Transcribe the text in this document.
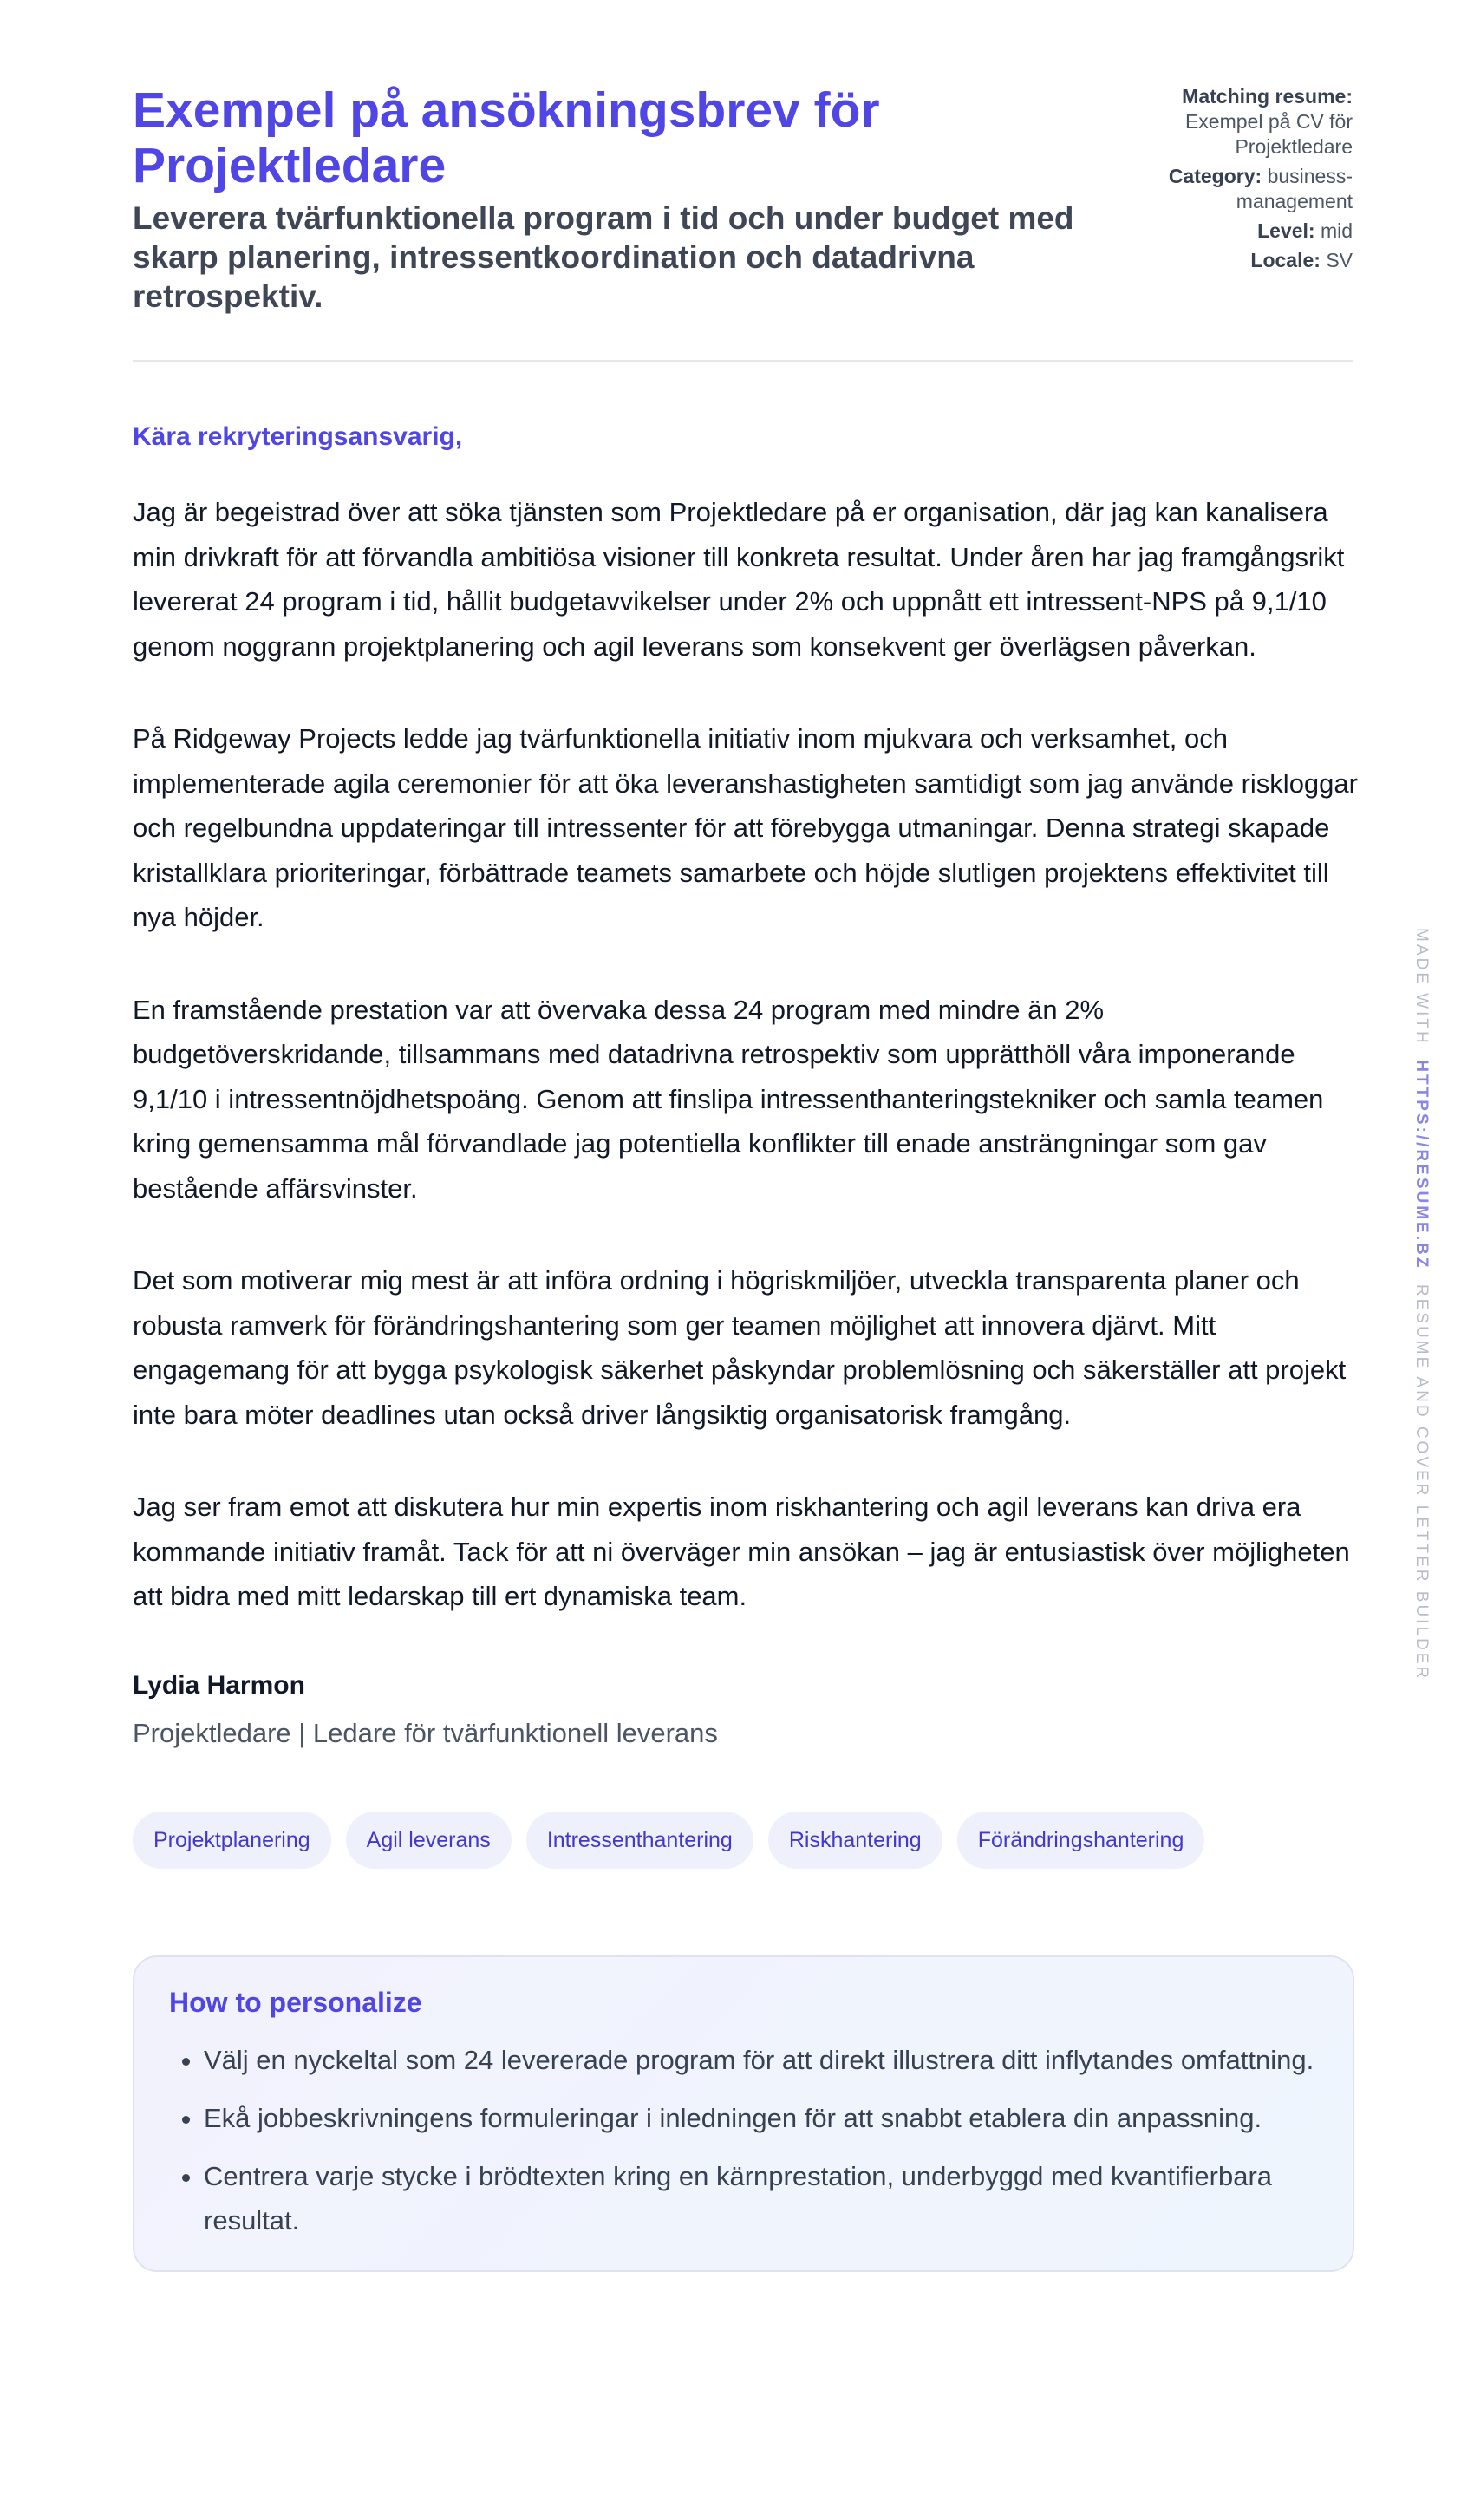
Exempel på ansökningsbrev för Projektledare
Leverera tvärfunktionella program i tid och under budget med skarp planering, intressentkoordination och datadrivna retrospektiv.
Matching resume:
Exempel på CV för Projektledare
Category: business-management
Level: mid
Locale: SV
Kära rekryteringsansvarig,

Jag är begeistrad över att söka tjänsten som Projektledare på er organisation, där jag kan kanalisera min drivkraft för att förvandla ambitiösa visioner till konkreta resultat. Under åren har jag framgångsrikt levererat 24 program i tid, hållit budgetavvikelser under 2% och uppnått ett intressent-NPS på 9,1/10 genom noggrann projektplanering och agil leverans som konsekvent ger överlägsen påverkan.

På Ridgeway Projects ledde jag tvärfunktionella initiativ inom mjukvara och verksamhet, och implementerade agila ceremonier för att öka leveranshastigheten samtidigt som jag använde riskloggar och regelbundna uppdateringar till intressenter för att förebygga utmaningar. Denna strategi skapade kristallklara prioriteringar, förbättrade teamets samarbete och höjde slutligen projektens effektivitet till nya höjder.

En framstående prestation var att övervaka dessa 24 program med mindre än 2% budgetöverskridande, tillsammans med datadrivna retrospektiv som upprätthöll våra imponerande 9,1/10 i intressentnöjdhetspoäng. Genom att finslipa intressenthanteringstekniker och samla teamen kring gemensamma mål förvandlade jag potentiella konflikter till enade ansträngningar som gav bestående affärsvinster.

Det som motiverar mig mest är att införa ordning i högriskmiljöer, utveckla transparenta planer och robusta ramverk för förändringshantering som ger teamen möjlighet att innovera djärvt. Mitt engagemang för att bygga psykologisk säkerhet påskyndar problemlösning och säkerställer att projekt inte bara möter deadlines utan också driver långsiktig organisatorisk framgång.

Jag ser fram emot att diskutera hur min expertis inom riskhantering och agil leverans kan driva era kommande initiativ framåt. Tack för att ni överväger min ansökan – jag är entusiastisk över möjligheten att bidra med mitt ledarskap till ert dynamiska team.

Lydia Harmon
Projektledare | Ledare för tvärfunktionell leverans
Projektplanering	Agil leverans	Intressenthantering	Riskhantering	Förändringshantering
How to personalize
• Välj en nyckeltal som 24 levererade program för att direkt illustrera ditt inflytandes omfattning.
• Ekå jobbeskrivningens formuleringar i inledningen för att snabbt etablera din anpassning.
• Centrera varje stycke i brödtexten kring en kärnprestation, underbyggd med kvantifierbara resultat.
MADE WITH  HTTPS://RESUME.BZ  RESUME AND COVER LETTER BUILDER
